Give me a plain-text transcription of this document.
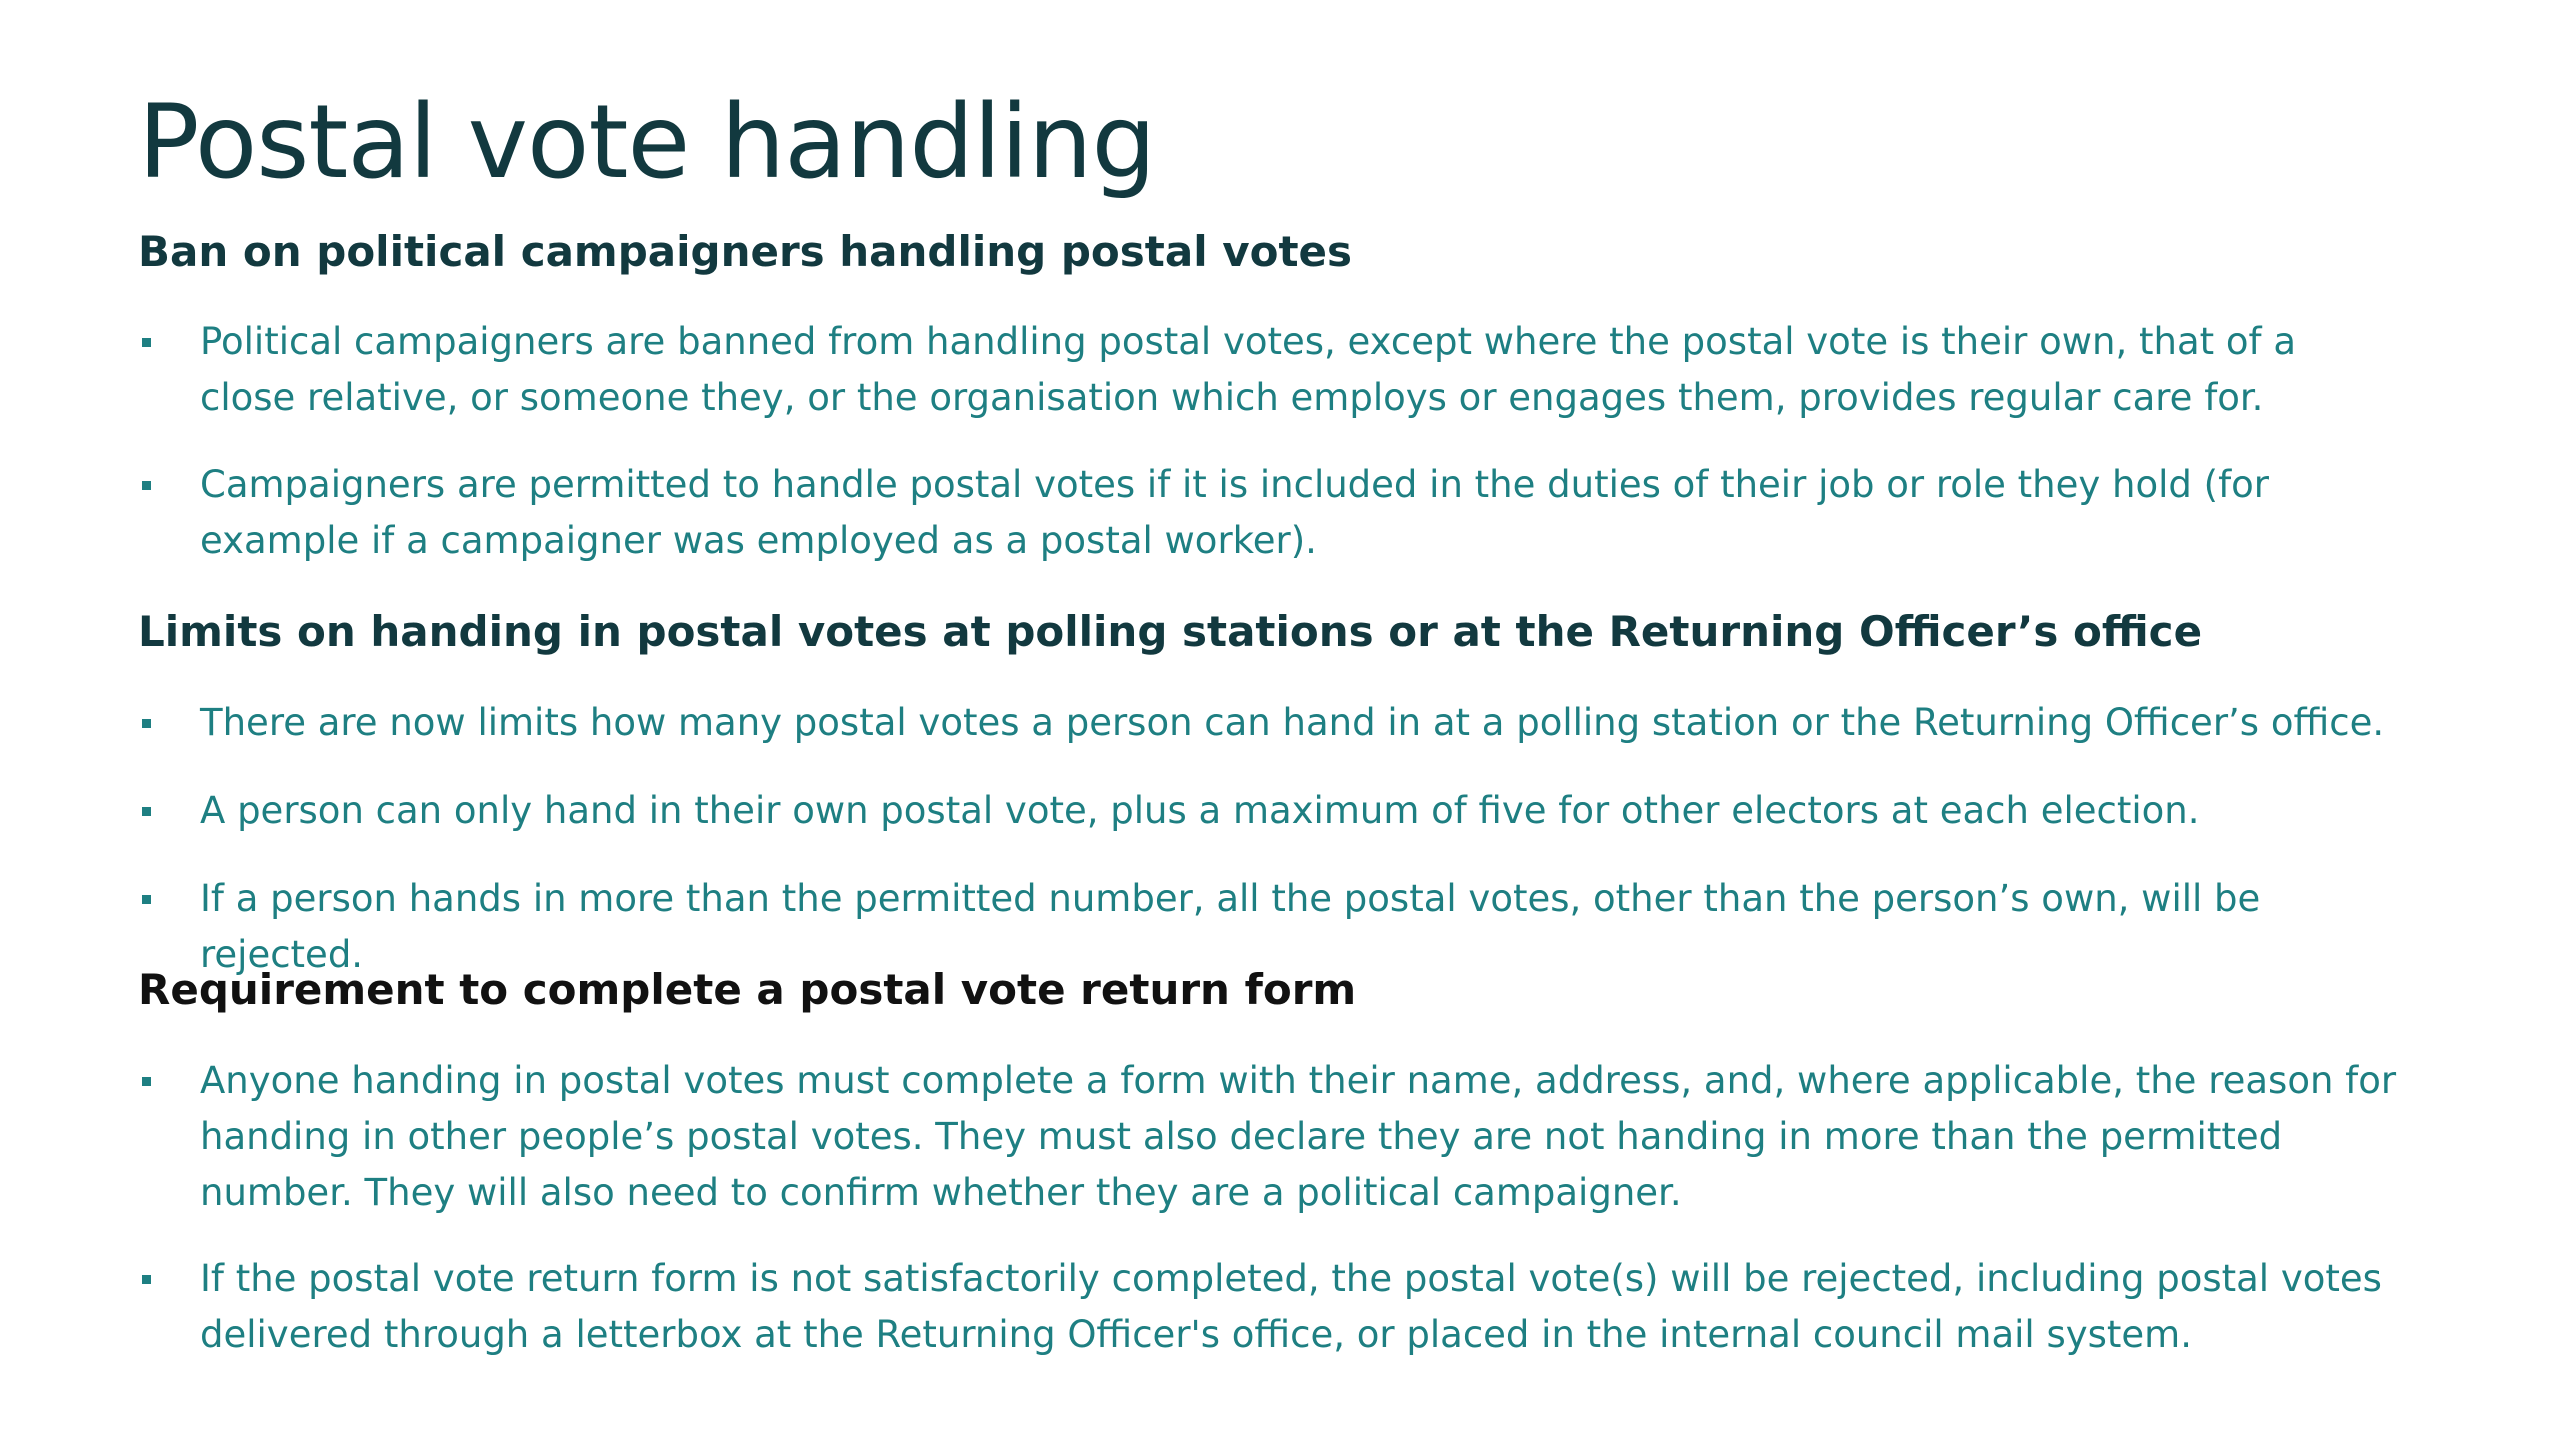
Postal vote handling
Ban on political campaigners handling postal votes

Political campaigners are banned from handling postal votes, except where the postal vote is their own, that of a close relative, or someone they, or the organisation which employs or engages them, provides regular care for.

Campaigners are permitted to handle postal votes if it is included in the duties of their job or role they hold (for example if a campaigner was employed as a postal worker).

Limits on handing in postal votes at polling stations or at the Returning Officer’s office

There are now limits how many postal votes a person can hand in at a polling station or the Returning Officer’s office.

A person can only hand in their own postal vote, plus a maximum of five for other electors at each election.

If a person hands in more than the permitted number, all the postal votes, other than the person’s own, will be rejected.

Requirement to complete a postal vote return form

Anyone handing in postal votes must complete a form with their name, address, and, where applicable, the reason for handing in other people’s postal votes. They must also declare they are not handing in more than the permitted number. They will also need to confirm whether they are a political campaigner.

If the postal vote return form is not satisfactorily completed, the postal vote(s) will be rejected, including postal votes delivered through a letterbox at the Returning Officer's office, or placed in the internal council mail system.
